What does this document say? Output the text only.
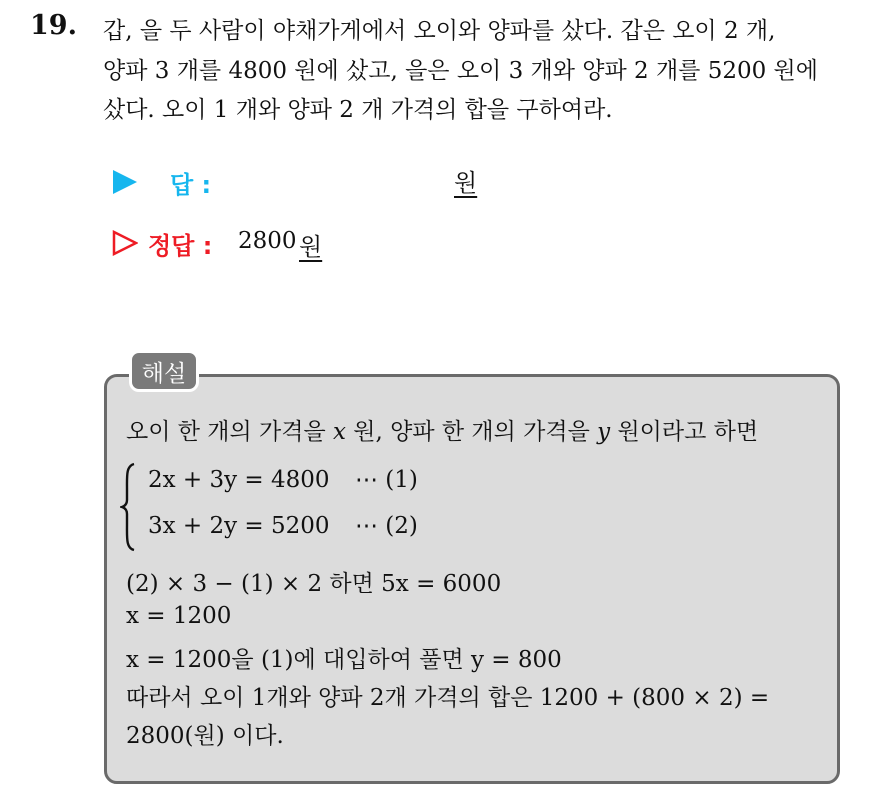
19. 갑, 을 두 사람이 야채가게에서 오이와 양파를 샀다. 갑은 오이 2 개,
양파 3 개를 4800 원에 샀고, 을은 오이 3 개와 양파 2 개를 5200 원에
샀다. 오이 1 개와 양파 2 개 가격의 합을 구하여라.
답 :	원
정답 : 2800 원
해설
오이 한 개의 가격을 x 원, 양파 한 개의 가격을 y 원이라고 하면
2x + 3y = 4800 ⋯ (1)
3x + 2y = 5200 ⋯ (2)
(2) × 3 − (1) × 2 하면 5x = 6000
x = 1200
x = 1200을 (1)에 대입하여 풀면 y = 800
따라서 오이 1개와 양파 2개 가격의 합은 1200 + (800 × 2) =
2800(원) 이다.
